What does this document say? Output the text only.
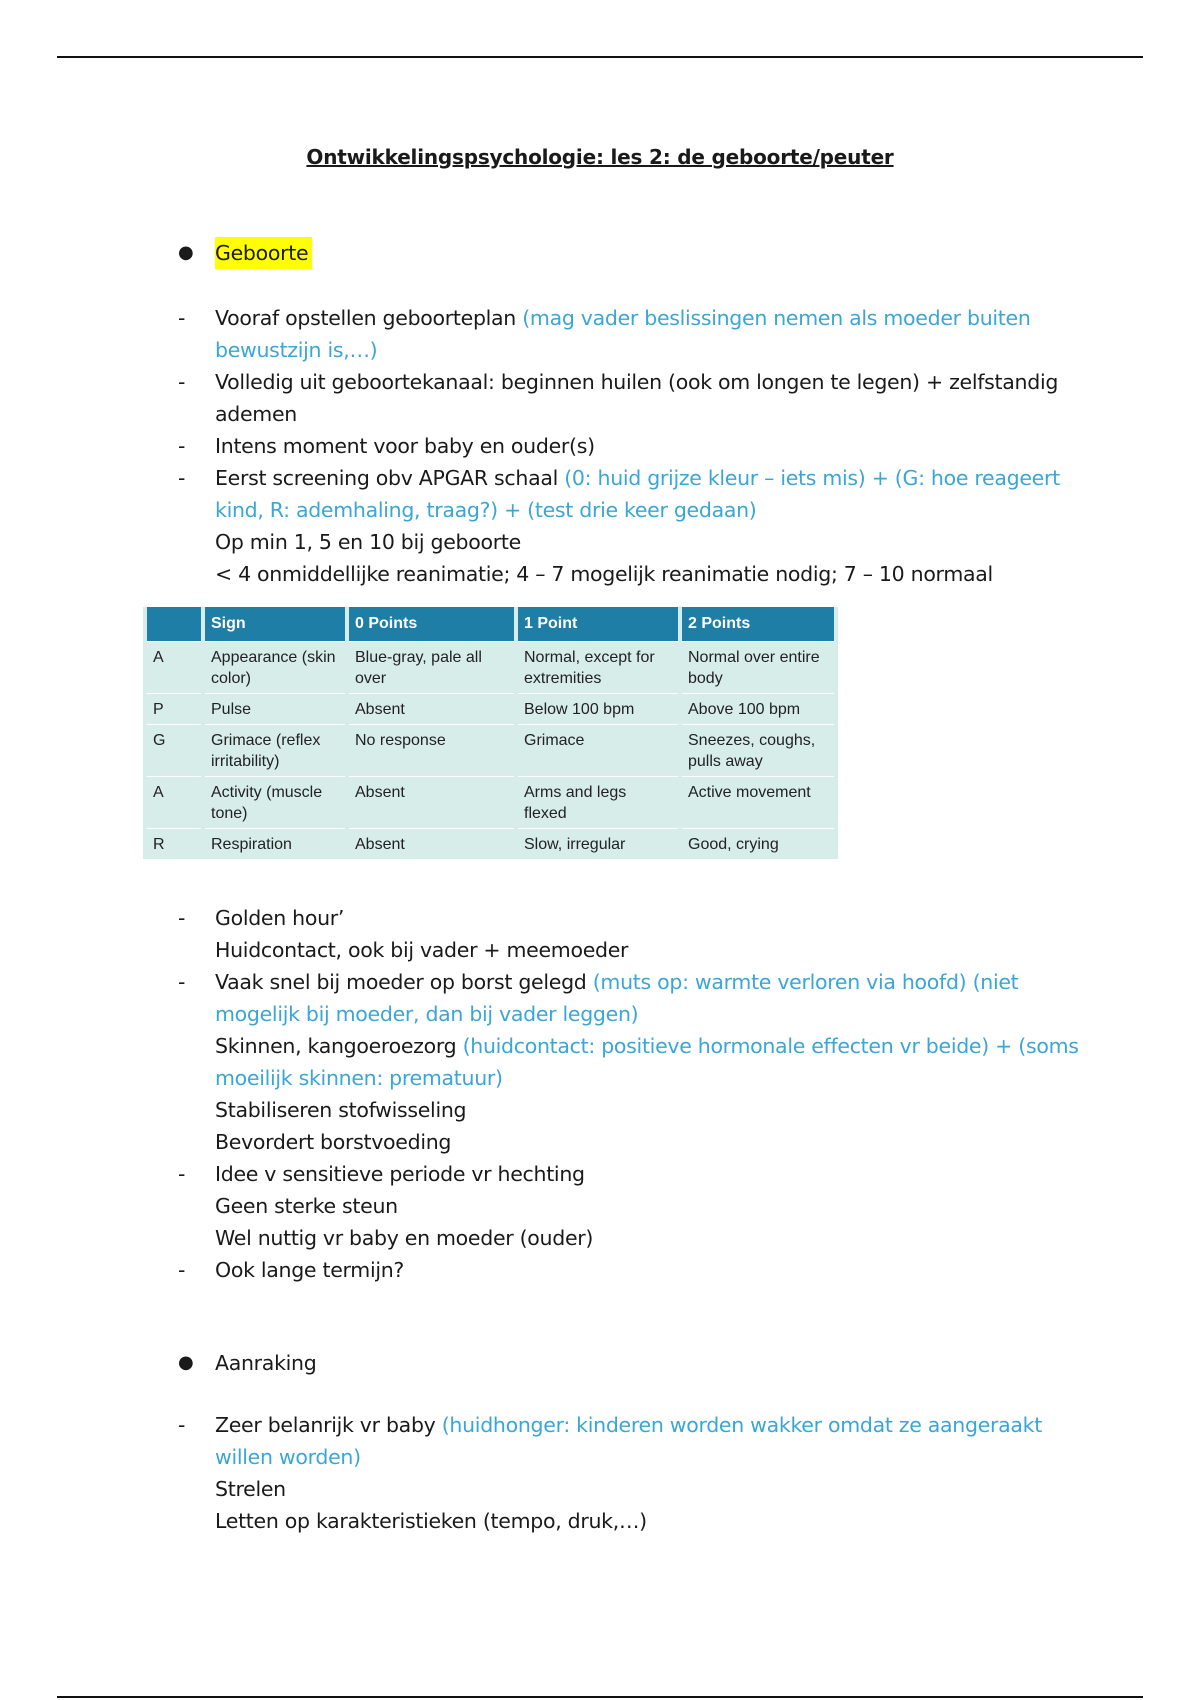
Ontwikkelingspsychologie: les 2: de geboorte/peuter
● Geboorte
- Vooraf opstellen geboorteplan (mag vader beslissingen nemen als moeder buiten
bewustzijn is,…)
- Volledig uit geboortekanaal: beginnen huilen (ook om longen te legen) + zelfstandig
ademen
- Intens moment voor baby en ouder(s)
- Eerst screening obv APGAR schaal (0: huid grijze kleur – iets mis) + (G: hoe reageert
kind, R: ademhaling, traag?) + (test drie keer gedaan)
Op min 1, 5 en 10 bij geboorte
< 4 onmiddellijke reanimatie; 4 – 7 mogelijk reanimatie nodig; 7 – 10 normaal
	Sign	0 Points	1 Point	2 Points
A	Appearance (skin color)	Blue-gray, pale all over	Normal, except for extremities	Normal over entire body
P	Pulse	Absent	Below 100 bpm	Above 100 bpm
G	Grimace (reflex irritability)	No response	Grimace	Sneezes, coughs, pulls away
A	Activity (muscle tone)	Absent	Arms and legs flexed	Active movement
R	Respiration	Absent	Slow, irregular	Good, crying
- Golden hour’
Huidcontact, ook bij vader + meemoeder
- Vaak snel bij moeder op borst gelegd (muts op: warmte verloren via hoofd) (niet
mogelijk bij moeder, dan bij vader leggen)
Skinnen, kangoeroezorg (huidcontact: positieve hormonale effecten vr beide) + (soms
moeilijk skinnen: prematuur)
Stabiliseren stofwisseling
Bevordert borstvoeding
- Idee v sensitieve periode vr hechting
Geen sterke steun
Wel nuttig vr baby en moeder (ouder)
- Ook lange termijn?
● Aanraking
- Zeer belanrijk vr baby (huidhonger: kinderen worden wakker omdat ze aangeraakt
willen worden)
Strelen
Letten op karakteristieken (tempo, druk,…)
